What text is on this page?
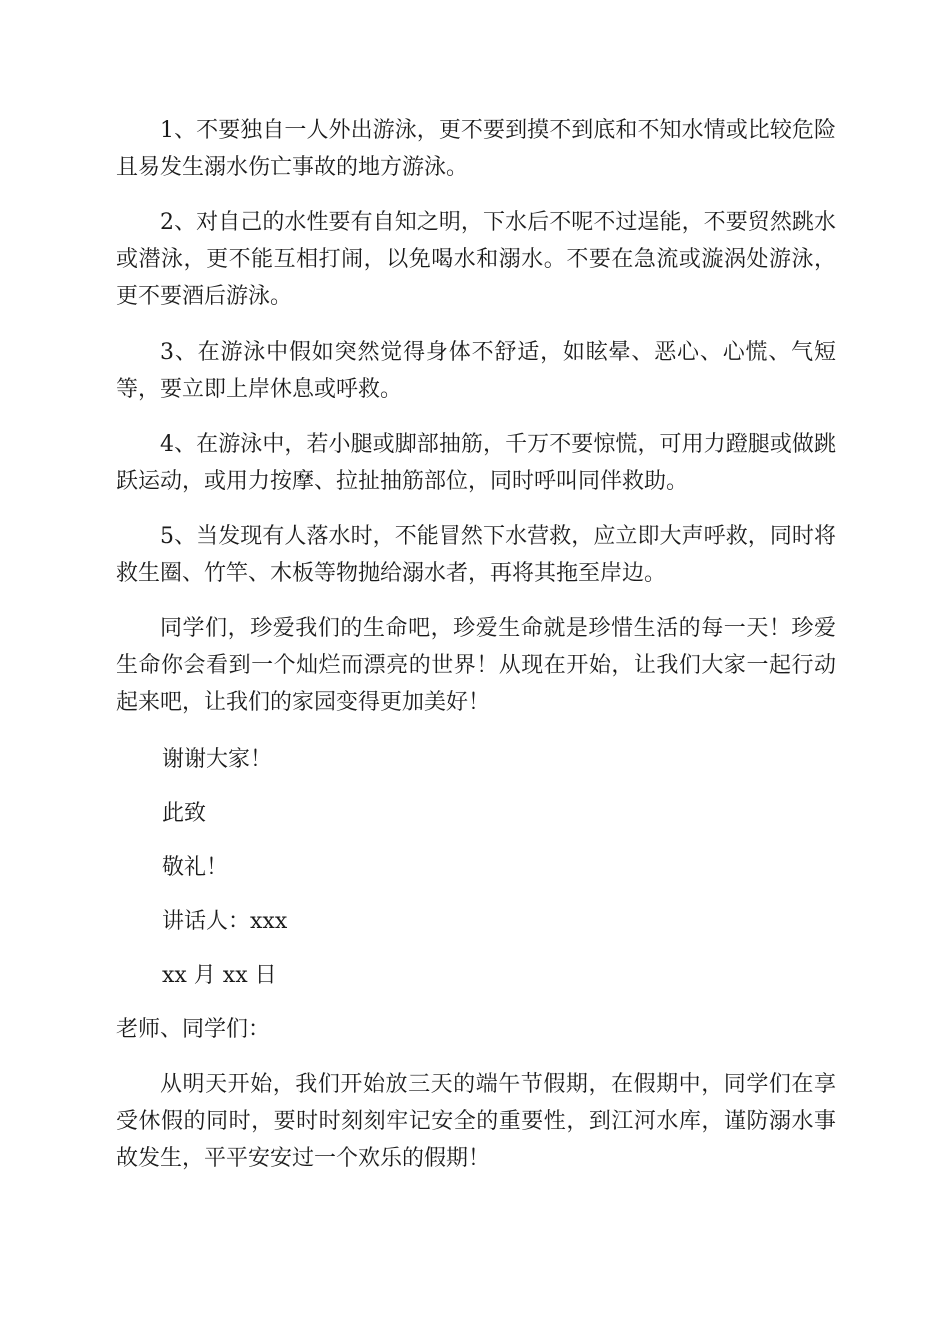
1、不要独自一人外出游泳，更不要到摸不到底和不知水情或比较危险且易发生溺水伤亡事故的地方游泳。

2、对自己的水性要有自知之明，下水后不呢不过逞能，不要贸然跳水或潜泳，更不能互相打闹，以免喝水和溺水。不要在急流或漩涡处游泳，更不要酒后游泳。

3、在游泳中假如突然觉得身体不舒适，如眩晕、恶心、心慌、气短等，要立即上岸休息或呼救。

4、在游泳中，若小腿或脚部抽筋，千万不要惊慌，可用力蹬腿或做跳跃运动，或用力按摩、拉扯抽筋部位，同时呼叫同伴救助。

5、当发现有人落水时，不能冒然下水营救，应立即大声呼救，同时将救生圈、竹竿、木板等物抛给溺水者，再将其拖至岸边。

同学们，珍爱我们的生命吧，珍爱生命就是珍惜生活的每一天！珍爱生命你会看到一个灿烂而漂亮的世界！从现在开始，让我们大家一起行动起来吧，让我们的家园变得更加美好！

谢谢大家！

此致

敬礼！

讲话人：xxx

xx 月 xx 日

老师、同学们：

从明天开始，我们开始放三天的端午节假期，在假期中，同学们在享受休假的同时，要时时刻刻牢记安全的重要性，到江河水库，谨防溺水事故发生，平平安安过一个欢乐的假期！
